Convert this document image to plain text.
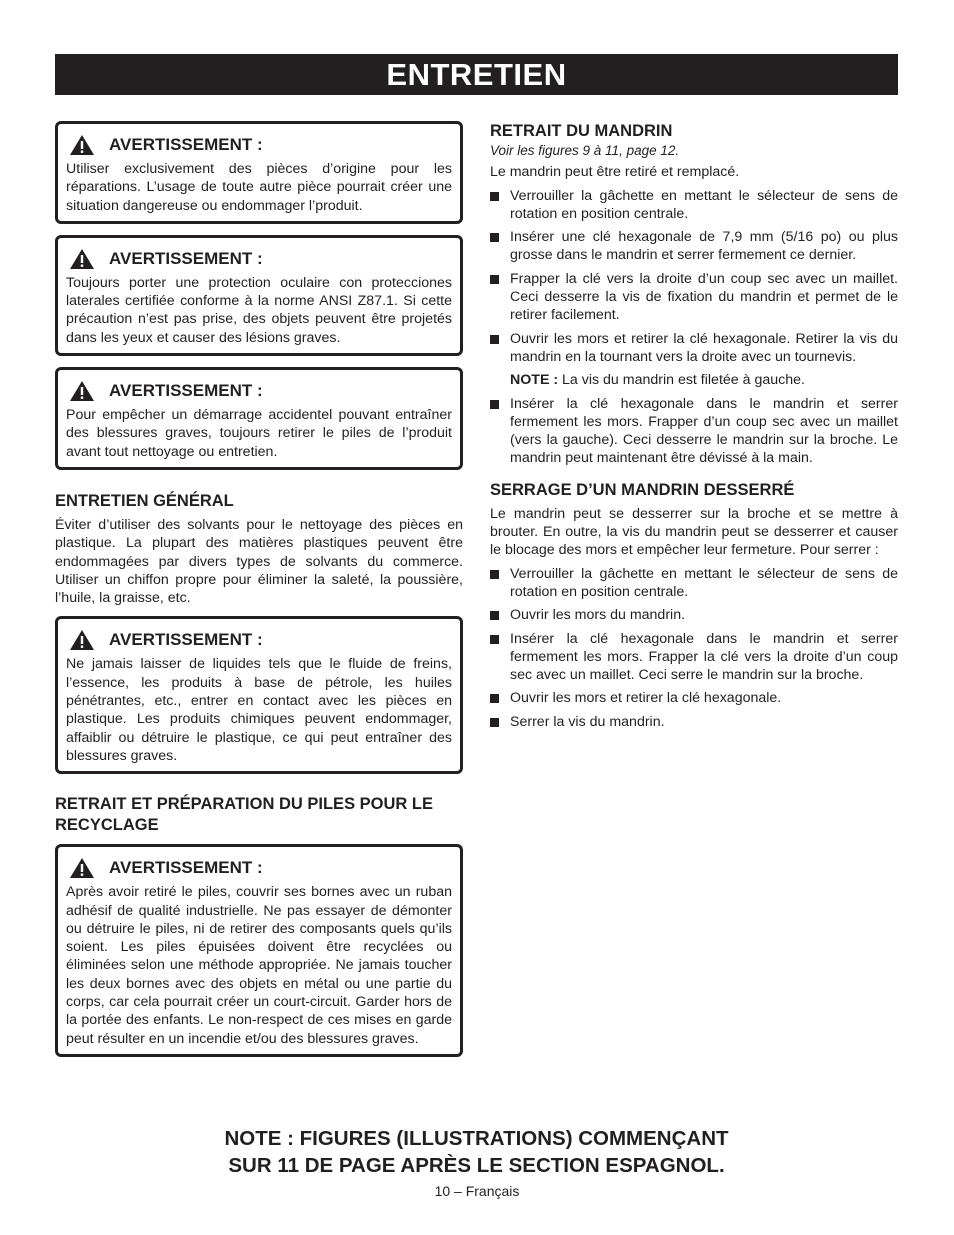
ENTRETIEN
AVERTISSEMENT :

Utiliser exclusivement des pièces d’origine pour les réparations. L’usage de toute autre pièce pourrait créer une situation dangereuse ou endommager l’produit.

AVERTISSEMENT :

Toujours porter une protection oculaire con protecciones laterales certifiée conforme à la norme ANSI Z87.1. Si cette précaution n’est pas prise, des objets peuvent être projetés dans les yeux et causer des lésions graves.

AVERTISSEMENT :

Pour empêcher un démarrage accidentel pouvant entraîner des blessures graves, toujours retirer le piles de l’produit avant tout nettoyage ou entretien.

ENTRETIEN GÉNÉRAL

Éviter d’utiliser des solvants pour le nettoyage des pièces en plastique. La plupart des matières plastiques peuvent être endommagées par divers types de solvants du commerce. Utiliser un chiffon propre pour éliminer la saleté, la poussière, l’huile, la graisse, etc.

AVERTISSEMENT :

Ne jamais laisser de liquides tels que le fluide de freins, l’essence, les produits à base de pétrole, les huiles pénétrantes, etc., entrer en contact avec les pièces en plastique. Les produits chimiques peuvent endommager, affaiblir ou détruire le plastique, ce qui peut entraîner des blessures graves.

RETRAIT ET PRÉPARATION DU PILES POUR LE RECYCLAGE
AVERTISSEMENT :

Après avoir retiré le piles, couvrir ses bornes avec un ruban adhésif de qualité industrielle. Ne pas essayer de démonter ou détruire le piles, ni de retirer des composants quels qu’ils soient. Les piles épuisées doivent être recyclées ou éliminées selon une méthode appropriée. Ne jamais toucher les deux bornes avec des objets en métal ou une partie du corps, car cela pourrait créer un court-circuit. Garder hors de la portée des enfants. Le non-respect de ces mises en garde peut résulter en un incendie et/ou des blessures graves.

RETRAIT DU MANDRIN

Voir les figures 9 à 11, page 12.

Le mandrin peut être retiré et remplacé.

Verrouiller la gâchette en mettant le sélecteur de sens de rotation en position centrale.
Insérer une clé hexagonale de 7,9 mm (5/16 po) ou plus grosse dans le mandrin et serrer fermement ce dernier.
Frapper la clé vers la droite d’un coup sec avec un maillet. Ceci desserre la vis de fixation du mandrin et permet de le retirer facilement.
Ouvrir les mors et retirer la clé hexagonale. Retirer la vis du mandrin en la tournant vers la droite avec un tournevis.

NOTE : La vis du mandrin est filetée à gauche.

Insérer la clé hexagonale dans le mandrin et serrer fermement les mors. Frapper d’un coup sec avec un maillet (vers la gauche). Ceci desserre le mandrin sur la broche. Le mandrin peut maintenant être dévissé à la main.
SERRAGE D’UN MANDRIN DESSERRÉ

Le mandrin peut se desserrer sur la broche et se mettre à brouter. En outre, la vis du mandrin peut se desserrer et causer le blocage des mors et empêcher leur fermeture. Pour serrer :

Verrouiller la gâchette en mettant le sélecteur de sens de rotation en position centrale.
Ouvrir les mors du mandrin.
Insérer la clé hexagonale dans le mandrin et serrer fermement les mors. Frapper la clé vers la droite d’un coup sec avec un maillet. Ceci serre le mandrin sur la broche.
Ouvrir les mors et retirer la clé hexagonale.
Serrer la vis du mandrin.
NOTE : FIGURES (ILLUSTRATIONS) COMMENÇANT
SUR 11 DE PAGE APRÈS LE SECTION ESPAGNOL.
10 – Français
